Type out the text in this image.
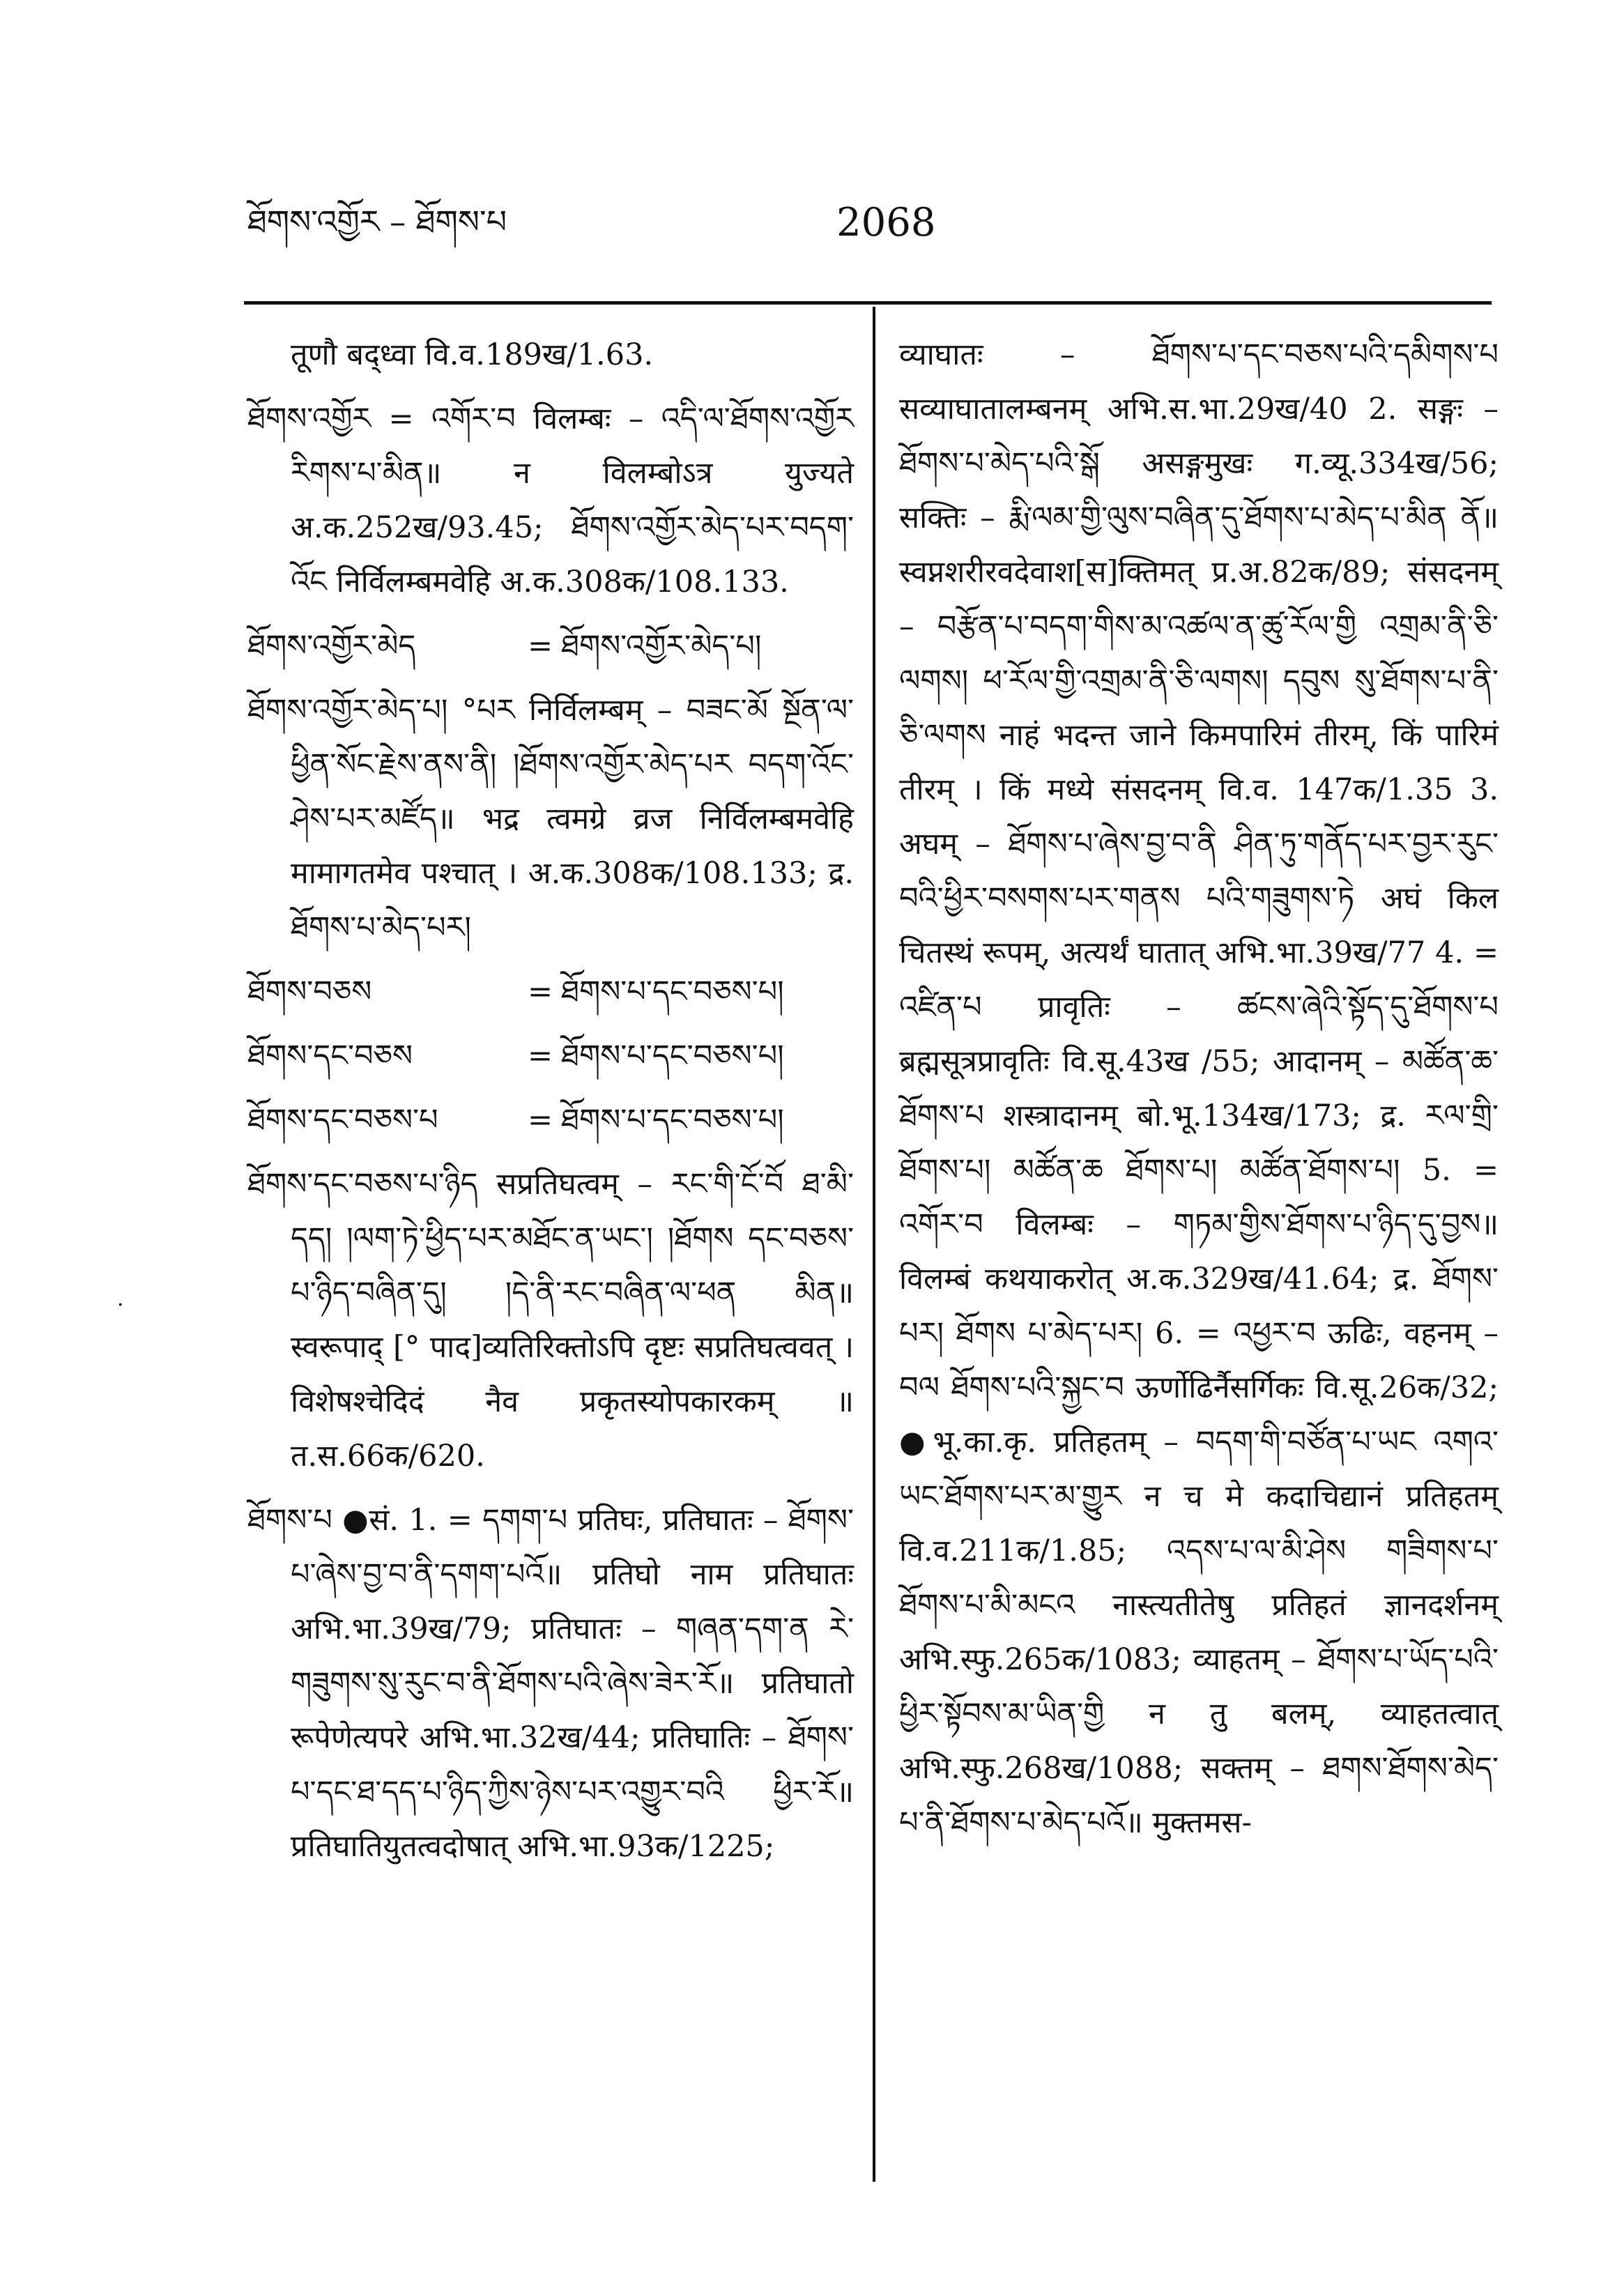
ཐོགས་འགྱོར – ཐོགས་པ	2068
·

तूणौ बद्ध्वा वि.व.189ख/1.63.

ཐོགས་འགྱོར = འགོར་བ विलम्बः – འདི་ལ་ཐོགས་འགྱོར རིགས་པ་མིན॥ न विलम्बोऽत्र युज्यते अ.क.252ख/93.45; ཐོགས་འགྱོར་མེད་པར་བདག་འོང निर्विलम्बमवेहि अ.क.308क/108.133.

ཐོགས་འགྱོར་མེད	= ཐོགས་འགྱོར་མེད་པ།

ཐོགས་འགྱོར་མེད་པ། °པར निर्विलम्बम् – བཟང་མོ སྔོན་ལ་ཕྱིན་སོང་རྗེས་ནས་ནི། །ཐོགས་འགྱོར་མེད་པར བདག་འོང་ཤེས་པར་མཛོད॥ भद्र त्वमग्रे व्रज निर्विलम्बमवेहि मामागतमेव पश्चात् । अ.क.308क/108.133; द्र. ཐོགས་པ་མེད་པར།

ཐོགས་བཅས	= ཐོགས་པ་དང་བཅས་པ།
ཐོགས་དང་བཅས	= ཐོགས་པ་དང་བཅས་པ།
ཐོགས་དང་བཅས་པ	= ཐོགས་པ་དང་བཅས་པ།

ཐོགས་དང་བཅས་པ་ཉིད सप्रतिघत्वम् – རང་གི་ངོ་བོ ཐ་མི་དད། །ལག་ཏེ་ཕྱིད་པར་མཐོང་ན་ཡང་། །ཐོགས དང་བཅས་པ་ཉིད་བཞིན་དུ། །དེ་ནི་རང་བཞིན་ལ་ཕན མིན॥ स्वरूपाद् [° पाद]व्यतिरिक्तोऽपि दृष्टः सप्रतिघत्ववत् । विशेषश्चेदिदं नैव प्रकृतस्योपकारकम् ॥ त.स.66क/620.

ཐོགས་པ ●सं. 1. = དགག་པ प्रतिघः, प्रतिघातः – ཐོགས་པ་ཞེས་བྱ་བ་ནི་དགག་པའོ॥ प्रतिघो नाम प्रतिघातः अभि.भा.39ख/79; प्रतिघातः – གཞན་དག་ན རེ་གཟུགས་སུ་རུང་བ་ནི་ཐོགས་པའི་ཞེས་ཟེར་རོ॥ प्रतिघातो रूपेणेत्यपरे अभि.भा.32ख/44; प्रतिघातिः – ཐོགས་པ་དང་ཐ་དད་པ་ཉིད་ཀྱིས་ཉེས་པར་འགྱུར་བའི ཕྱིར་རོ॥ प्रतिघातियुतत्वदोषात् अभि.भा.93क/1225;

व्याघातः – ཐོགས་པ་དང་བཅས་པའི་དམིགས་པ सव्याघातालम्बनम् अभि.स.भा.29ख/40 2. सङ्गः – ཐོགས་པ་མེད་པའི་སྒོ असङ्गमुखः ग.व्यू.334ख/56; सक्तिः – རྨི་ལམ་གྱི་ལུས་བཞིན་དུ་ཐོགས་པ་མེད་པ་མིན ནོ॥ स्वप्नशरीरवदेवाश[स]क्तिमत् प्र.अ.82क/89; संसदनम् – བརྩོན་པ་བདག་གིས་མ་འཚལ་ན་ཚུ་རོལ་གྱི འགྲམ་ནི་ཅི་ལགས། ཕ་རོལ་གྱི་འགྲམ་ནི་ཅི་ལགས། དབུས སུ་ཐོགས་པ་ནི་ཅི་ལགས नाहं भदन्त जाने किमपारिमं तीरम्, किं पारिमं तीरम् । किं मध्ये संसदनम् वि.व. 147क/1.35 3. अघम् – ཐོགས་པ་ཞེས་བྱ་བ་ནི ཤིན་ཏུ་གནོད་པར་བྱར་རུང་བའི་ཕྱིར་བསགས་པར་གནས པའི་གཟུགས་ཏེ अघं किल चितस्थं रूपम्, अत्यर्थं घातात् अभि.भा.39ख/77 4. = འཛིན་པ प्रावृतिः – ཚངས་ཞེའི་སྟོད་དུ་ཐོགས་པ ब्रह्मसूत्रप्रावृतिः वि.सू.43ख /55; आदानम् – མཚོན་ཆ་ཐོགས་པ शस्त्रादानम् बो.भू.134ख/173; द्र. རལ་གྲི་ཐོགས་པ། མཚོན་ཆ ཐོགས་པ། མཚོན་ཐོགས་པ། 5. = འགོར་བ विलम्बः – གཏམ་གྱིས་ཐོགས་པ་ཉིད་དུ་བྱས॥ विलम्बं कथयाकरोत् अ.क.329ख/41.64; द्र. ཐོགས་པར། ཐོགས པ་མེད་པར། 6. = འཕྱར་བ ऊढिः, वहनम् – བལ ཐོགས་པའི་སྐྱང་བ ऊर्णोढिर्नैसर्गिकः वि.सू.26क/32; ●भू.का.कृ. प्रतिहतम् – བདག་གི་བཙོན་པ་ཡང འགའ་ཡང་ཐོགས་པར་མ་གྱུར न च मे कदाचिद्यानं प्रतिहतम् वि.व.211क/1.85; འདས་པ་ལ་མི་ཤེས གཟིགས་པ་ཐོགས་པ་མི་མངའ नास्त्यतीतेषु प्रतिहतं ज्ञानदर्शनम् अभि.स्फु.265क/1083; व्याहतम् – ཐོགས་པ་ཡོད་པའི་ཕྱིར་སྟོབས་མ་ཡིན་གྱི न तु बलम्, व्याहतत्वात् अभि.स्फु.268ख/1088; सक्तम् – ཐགས་ཐོགས་མེད་པ་ནི་ཐོགས་པ་མེད་པའོ॥ मुक्तमस-
